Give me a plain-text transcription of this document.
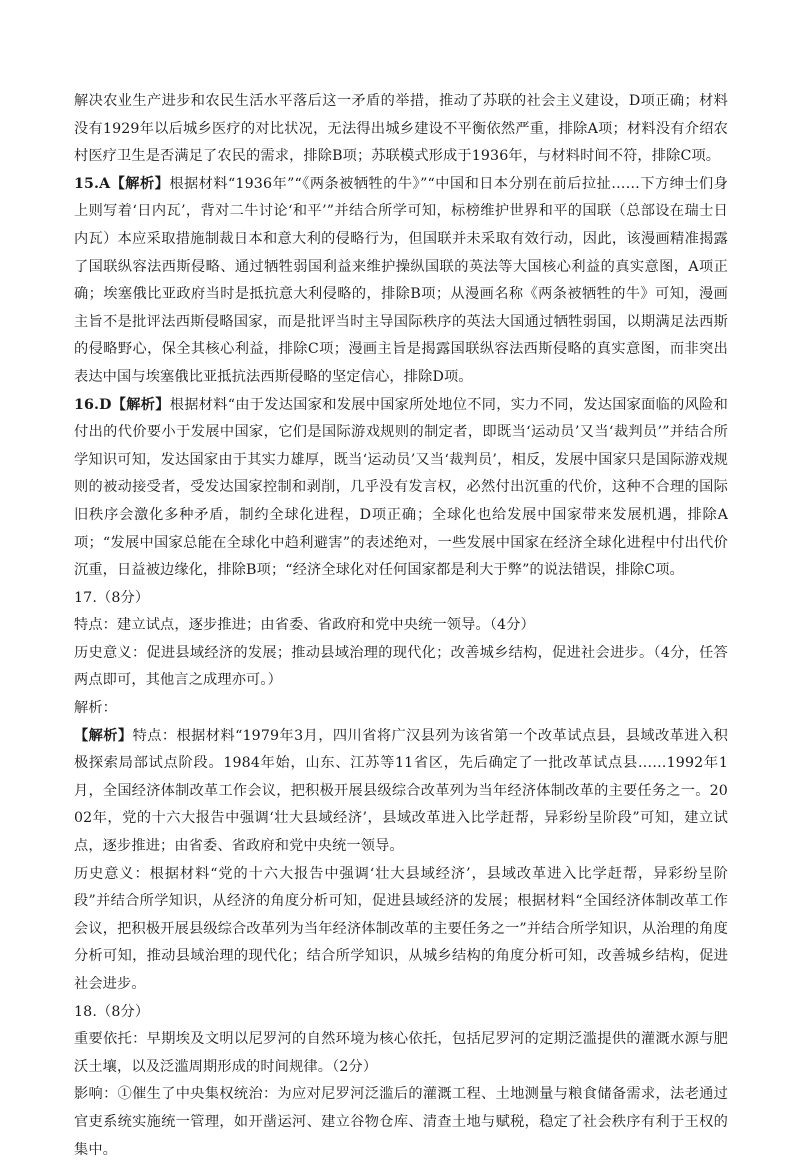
解决农业生产进步和农民生活水平落后这一矛盾的举措，推动了苏联的社会主义建设，D项正确；材料没有1929年以后城乡医疗的对比状况，无法得出城乡建设不平衡依然严重，排除A项；材料没有介绍农村医疗卫生是否满足了农民的需求，排除B项；苏联模式形成于1936年，与材料时间不符，排除C项。

15.A【解析】根据材料“1936年”“《两条被牺牲的牛》”“中国和日本分别在前后拉扯……下方绅士们身上则写着‘日内瓦’，背对二牛讨论‘和平’”并结合所学可知，标榜维护世界和平的国联（总部设在瑞士日内瓦）本应采取措施制裁日本和意大利的侵略行为，但国联并未采取有效行动，因此，该漫画精准揭露了国联纵容法西斯侵略、通过牺牲弱国利益来维护操纵国联的英法等大国核心利益的真实意图，A项正确；埃塞俄比亚政府当时是抵抗意大利侵略的，排除B项；从漫画名称《两条被牺牲的牛》可知，漫画主旨不是批评法西斯侵略国家，而是批评当时主导国际秩序的英法大国通过牺牲弱国，以期满足法西斯的侵略野心，保全其核心利益，排除C项；漫画主旨是揭露国联纵容法西斯侵略的真实意图，而非突出表达中国与埃塞俄比亚抵抗法西斯侵略的坚定信心，排除D项。

16.D【解析】根据材料“由于发达国家和发展中国家所处地位不同，实力不同，发达国家面临的风险和付出的代价要小于发展中国家，它们是国际游戏规则的制定者，即既当‘运动员’又当‘裁判员’”并结合所学知识可知，发达国家由于其实力雄厚，既当‘运动员’又当‘裁判员’，相反，发展中国家只是国际游戏规则的被动接受者，受发达国家控制和剥削，几乎没有发言权，必然付出沉重的代价，这种不合理的国际旧秩序会激化多种矛盾，制约全球化进程，D项正确；全球化也给发展中国家带来发展机遇，排除A项；“发展中国家总能在全球化中趋利避害”的表述绝对，一些发展中国家在经济全球化进程中付出代价沉重，日益被边缘化，排除B项；“经济全球化对任何国家都是利大于弊”的说法错误，排除C项。

17.（8分）

特点：建立试点，逐步推进；由省委、省政府和党中央统一领导。（4分）

历史意义：促进县域经济的发展；推动县域治理的现代化；改善城乡结构，促进社会进步。（4分，任答两点即可，其他言之成理亦可。）

解析：

【解析】特点：根据材料“1979年3月，四川省将广汉县列为该省第一个改革试点县，县域改革进入积极探索局部试点阶段。1984年始，山东、江苏等11省区，先后确定了一批改革试点县……1992年1月，全国经济体制改革工作会议，把积极开展县级综合改革列为当年经济体制改革的主要任务之一。2002年，党的十六大报告中强调‘壮大县域经济’，县域改革进入比学赶帮，异彩纷呈阶段”可知，建立试点，逐步推进；由省委、省政府和党中央统一领导。

历史意义：根据材料“党的十六大报告中强调‘壮大县域经济’，县域改革进入比学赶帮，异彩纷呈阶段”并结合所学知识，从经济的角度分析可知，促进县域经济的发展；根据材料“全国经济体制改革工作会议，把积极开展县级综合改革列为当年经济体制改革的主要任务之一”并结合所学知识，从治理的角度分析可知，推动县域治理的现代化；结合所学知识，从城乡结构的角度分析可知，改善城乡结构，促进社会进步。

18.（8分）

重要依托：早期埃及文明以尼罗河的自然环境为核心依托，包括尼罗河的定期泛滥提供的灌溉水源与肥沃土壤，以及泛滥周期形成的时间规律。（2分）

影响：①催生了中央集权统治：为应对尼罗河泛滥后的灌溉工程、土地测量与粮食储备需求，法老通过官吏系统实施统一管理，如开凿运河、建立谷物仓库、清查土地与赋税，稳定了社会秩序有利于王权的集中。
